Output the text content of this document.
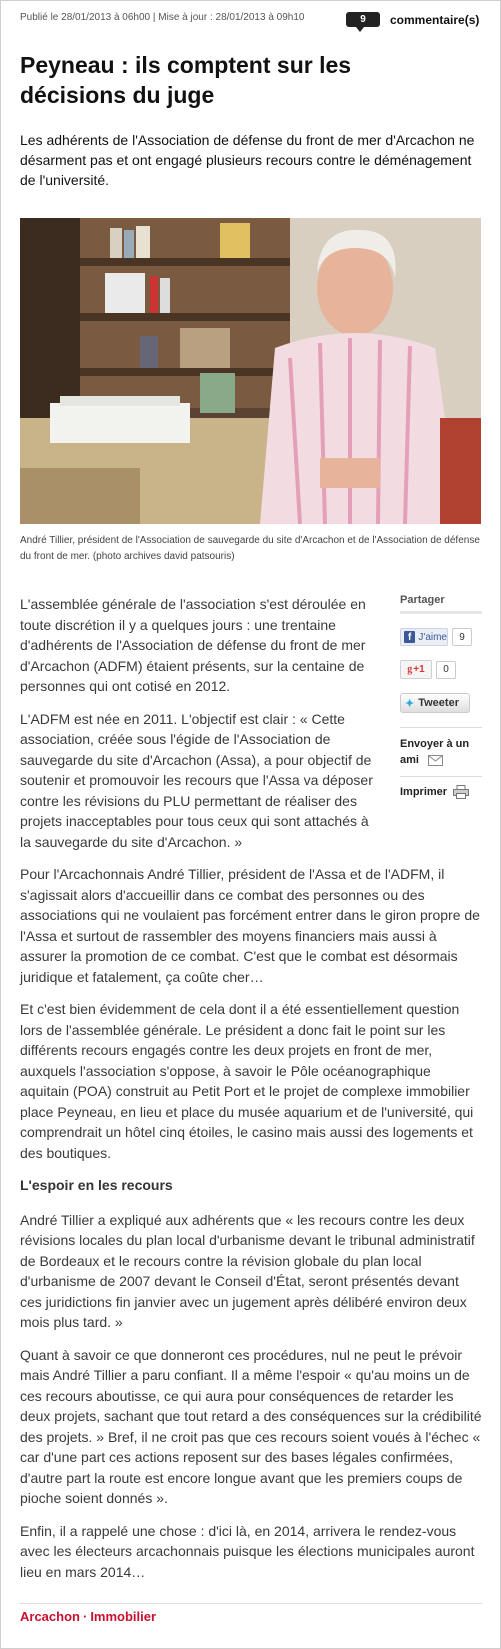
Publié le 28/01/2013 à 06h00 | Mise à jour : 28/01/2013 à 09h10	9	commentaire(s)
Peyneau : ils comptent sur les décisions du juge

Les adhérents de l'Association de défense du front de mer d'Arcachon ne désarment pas et ont engagé plusieurs recours contre le déménagement de l'université.

André Tillier, président de l'Association de sauvegarde du site d'Arcachon et de l'Association de défense du front de mer. (photo archives david patsouris)

Partager
f J'aime	9
g +1	0
✦ Tweeter
Envoyer à un ami
Imprimer

L'assemblée générale de l'association s'est déroulée en toute discrétion il y a quelques jours : une trentaine d'adhérents de l'Association de défense du front de mer d'Arcachon (ADFM) étaient présents, sur la centaine de personnes qui ont cotisé en 2012.

L'ADFM est née en 2011. L'objectif est clair : « Cette association, créée sous l'égide de l'Association de sauvegarde du site d'Arcachon (Assa), a pour objectif de soutenir et promouvoir les recours que l'Assa va déposer contre les révisions du PLU permettant de réaliser des projets inacceptables pour tous ceux qui sont attachés à la sauvegarde du site d'Arcachon. »

Pour l'Arcachonnais André Tillier, président de l'Assa et de l'ADFM, il s'agissait alors d'accueillir dans ce combat des personnes ou des associations qui ne voulaient pas forcément entrer dans le giron propre de l'Assa et surtout de rassembler des moyens financiers mais aussi à assurer la promotion de ce combat. C'est que le combat est désormais juridique et fatalement, ça coûte cher…

Et c'est bien évidemment de cela dont il a été essentiellement question lors de l'assemblée générale. Le président a donc fait le point sur les différents recours engagés contre les deux projets en front de mer, auxquels l'association s'oppose, à savoir le Pôle océanographique aquitain (POA) construit au Petit Port et le projet de complexe immobilier place Peyneau, en lieu et place du musée aquarium et de l'université, qui comprendrait un hôtel cinq étoiles, le casino mais aussi des logements et des boutiques.

L'espoir en les recours

André Tillier a expliqué aux adhérents que « les recours contre les deux révisions locales du plan local d'urbanisme devant le tribunal administratif de Bordeaux et le recours contre la révision globale du plan local d'urbanisme de 2007 devant le Conseil d'État, seront présentés devant ces juridictions fin janvier avec un jugement après délibéré environ deux mois plus tard. »

Quant à savoir ce que donneront ces procédures, nul ne peut le prévoir mais André Tillier a paru confiant. Il a même l'espoir « qu'au moins un de ces recours aboutisse, ce qui aura pour conséquences de retarder les deux projets, sachant que tout retard a des conséquences sur la crédibilité des projets. » Bref, il ne croit pas que ces recours soient voués à l'échec « car d'une part ces actions reposent sur des bases légales confirmées, d'autre part la route est encore longue avant que les premiers coups de pioche soient donnés ».

Enfin, il a rappelé une chose : d'ici là, en 2014, arrivera le rendez-vous avec les électeurs arcachonnais puisque les élections municipales auront lieu en mars 2014…

Arcachon · Immobilier
